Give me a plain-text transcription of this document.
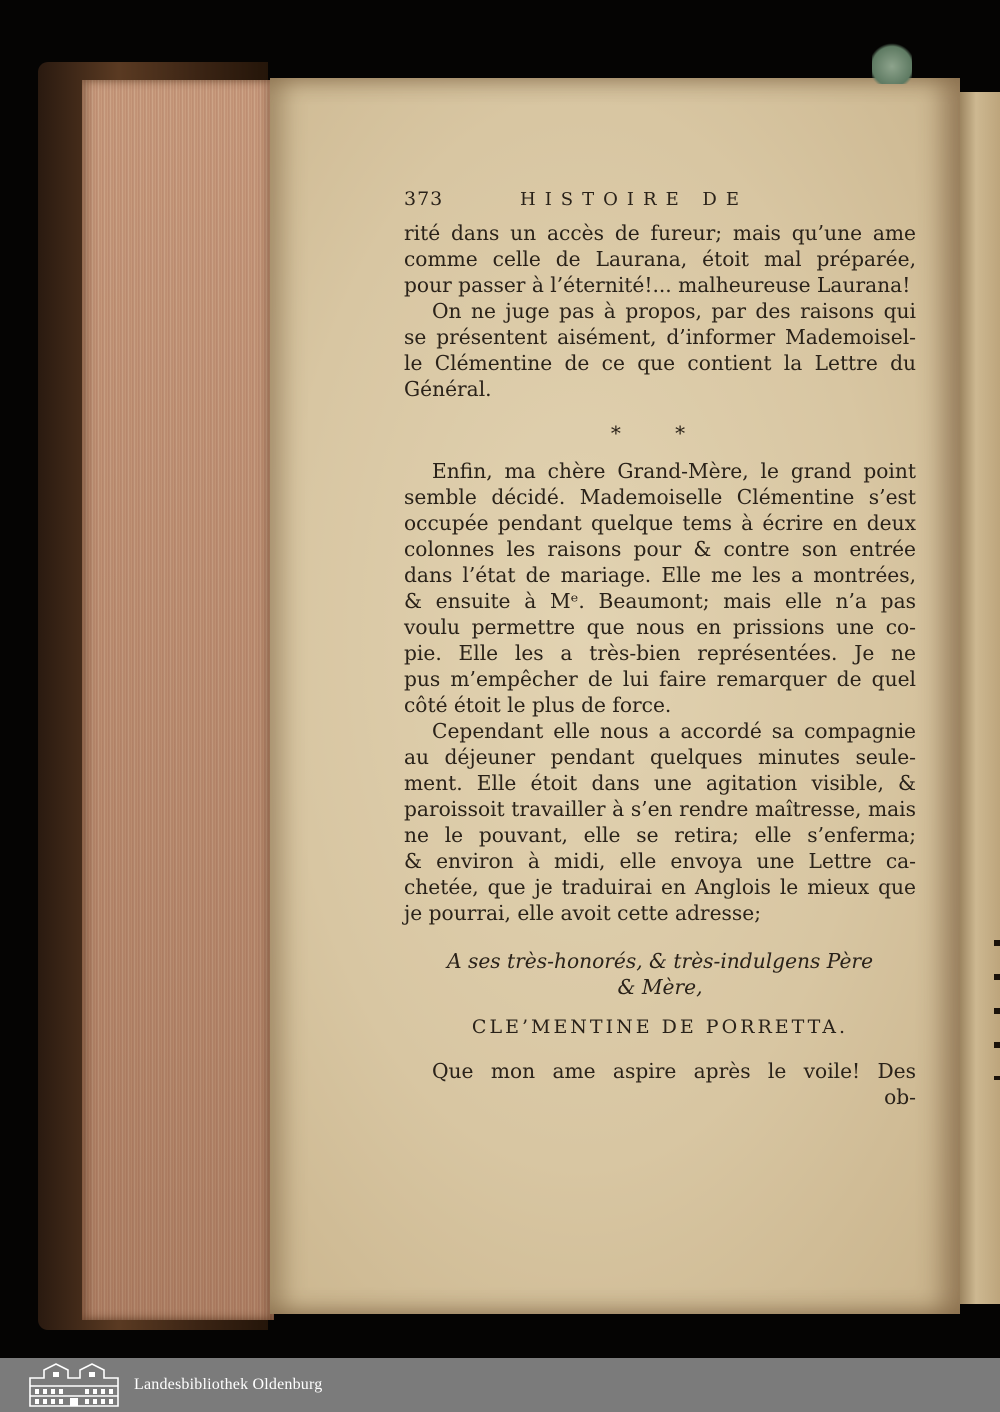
373	HISTOIRE DE
rité dans un accès de fureur; mais qu’une ame
comme celle de Laurana, étoit mal préparée,
pour passer à l’éternité!... malheureuse Laurana!
On ne juge pas à propos, par des raisons qui
se présentent aisément, d’informer Mademoisel-
le Clémentine de ce que contient la Lettre du
Général.
* *
Enfin, ma chère Grand-Mère, le grand point
semble décidé. Mademoiselle Clémentine s’est
occupée pendant quelque tems à écrire en deux
colonnes les raisons pour & contre son entrée
dans l’état de mariage. Elle me les a montrées,
& ensuite à Mᵉ. Beaumont; mais elle n’a pas
voulu permettre que nous en prissions une co-
pie. Elle les a très-bien représentées. Je ne
pus m’empêcher de lui faire remarquer de quel
côté étoit le plus de force.
Cependant elle nous a accordé sa compagnie
au déjeuner pendant quelques minutes seule-
ment. Elle étoit dans une agitation visible, &
paroissoit travailler à s’en rendre maîtresse, mais
ne le pouvant, elle se retira; elle s’enferma;
& environ à midi, elle envoya une Lettre ca-
chetée, que je traduirai en Anglois le mieux que
je pourrai, elle avoit cette adresse;
A ses très-honorés, & très-indulgens Père
& Mère,
CLE’MENTINE DE PORRETTA.
Que mon ame aspire après le voile! Des
ob-
Landesbibliothek Oldenburg
